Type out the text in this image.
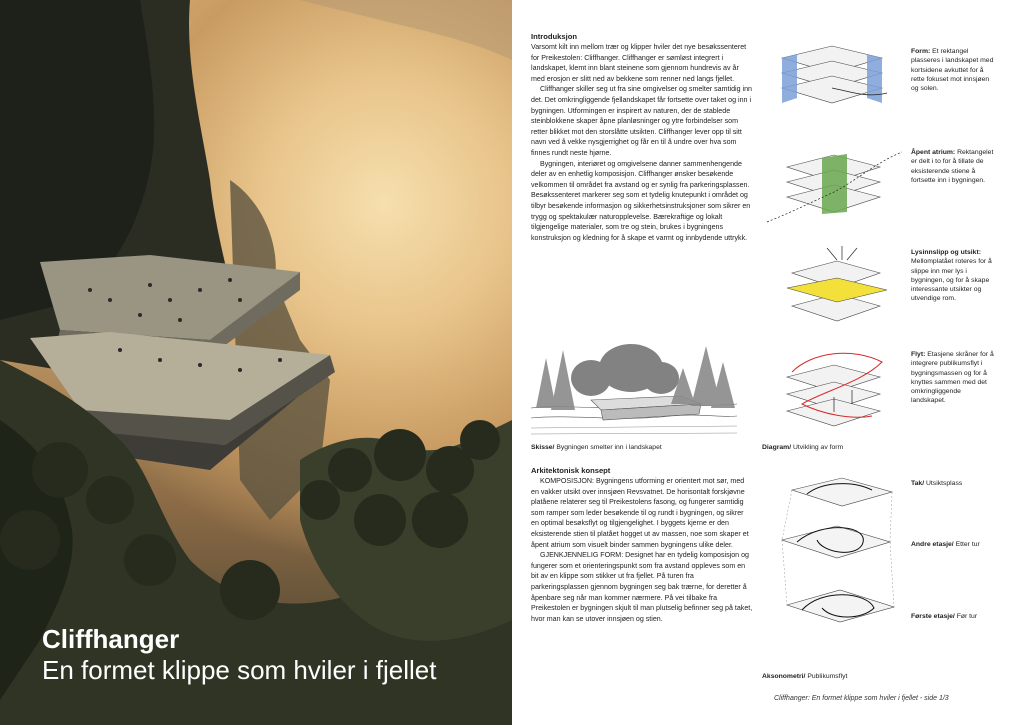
Cliffhanger
En formet klippe som hviler i fjellet

Introduksjon

Varsomt kilt inn mellom trær og klipper hviler det nye besøkssenteret for Preikestolen: Cliffhanger. Cliffhanger er sømløst integrert i landskapet, klemt inn blant steinene som gjennom hundrevis av år med erosjon er slitt ned av bekkene som renner ned langs fjellet.

Cliffhanger skiller seg ut fra sine omgivelser og smelter samtidig inn det. Det omkringliggende fjellandskapet får fortsette over taket og inn i bygningen. Utformingen er inspirert av naturen, der de stablede steinblokkene skaper åpne planløsninger og ytre forbindelser som retter blikket mot den storslåtte utsikten. Cliffhanger lever opp til sitt navn ved å vekke nysgjerrighet og får en til å undre over hva som finnes rundt neste hjørne.

Bygningen, interiøret og omgivelsene danner sammenhengende deler av en enhetlig komposisjon. Cliffhanger ønsker besøkende velkommen til området fra avstand og er synlig fra parkeringsplassen. Besøkssenteret markerer seg som et tydelig knutepunkt i området og tilbyr besøkende informasjon og sikkerhetsinstruksjoner som sikrer en trygg og spektakulær naturopplevelse. Bærekraftige og lokalt tilgjengelige materialer, som tre og stein, brukes i bygningens konstruksjon og kledning for å skape et varmt og innbydende uttrykk.

Skisse/ Bygningen smelter inn i landskapet

Arkitektonisk konsept

KOMPOSISJON: Bygningens utforming er orientert mot sør, med en vakker utsikt over innsjøen Revsvatnet. De horisontalt forskjøvne platåene relaterer seg til Preikestolens fasong, og fungerer samtidig som ramper som leder besøkende til og rundt i bygningen, og sikrer en optimal besøksflyt og tilgjengelighet. I byggets kjerne er den eksisterende stien til platået hogget ut av massen, noe som skaper et åpent atrium som visuelt binder sammen bygningens ulike deler.

GJENKJENNELIG FORM: Designet har en tydelig komposisjon og fungerer som et orienteringspunkt som fra avstand oppleves som en bit av en klippe som stikker ut fra fjellet. På turen fra parkeringsplassen gjennom bygningen seg bak trærne, for deretter å åpenbare seg når man kommer nærmere. På vei tilbake fra Preikestolen er bygningen skjult til man plutselig befinner seg på taket, hvor man kan se utover innsjøen og stien.

Form: Et rektangel plasseres i landskapet med kortsidene avkuttet for å rette fokuset mot innsjøen og solen.
Åpent atrium: Rektangelet er delt i to for å tillate de eksisterende stiene å fortsette inn i bygningen.
Lysinnslipp og utsikt: Mellomplatået roteres for å slippe inn mer lys i bygningen, og for å skape interessante utsikter og utvendige rom.
Flyt: Etasjene skråner for å integrere publikumsflyt i bygningsmassen og for å knyttes sammen med det omkringliggende landskapet.
Diagram/ Utvikling av form
Tak/ Utsiktsplass
Andre etasje/ Etter tur
Første etasje/ Før tur
Aksonometri/ Publikumsflyt
Cliffhanger: En formet klippe som hviler i fjellet - side 1/3
